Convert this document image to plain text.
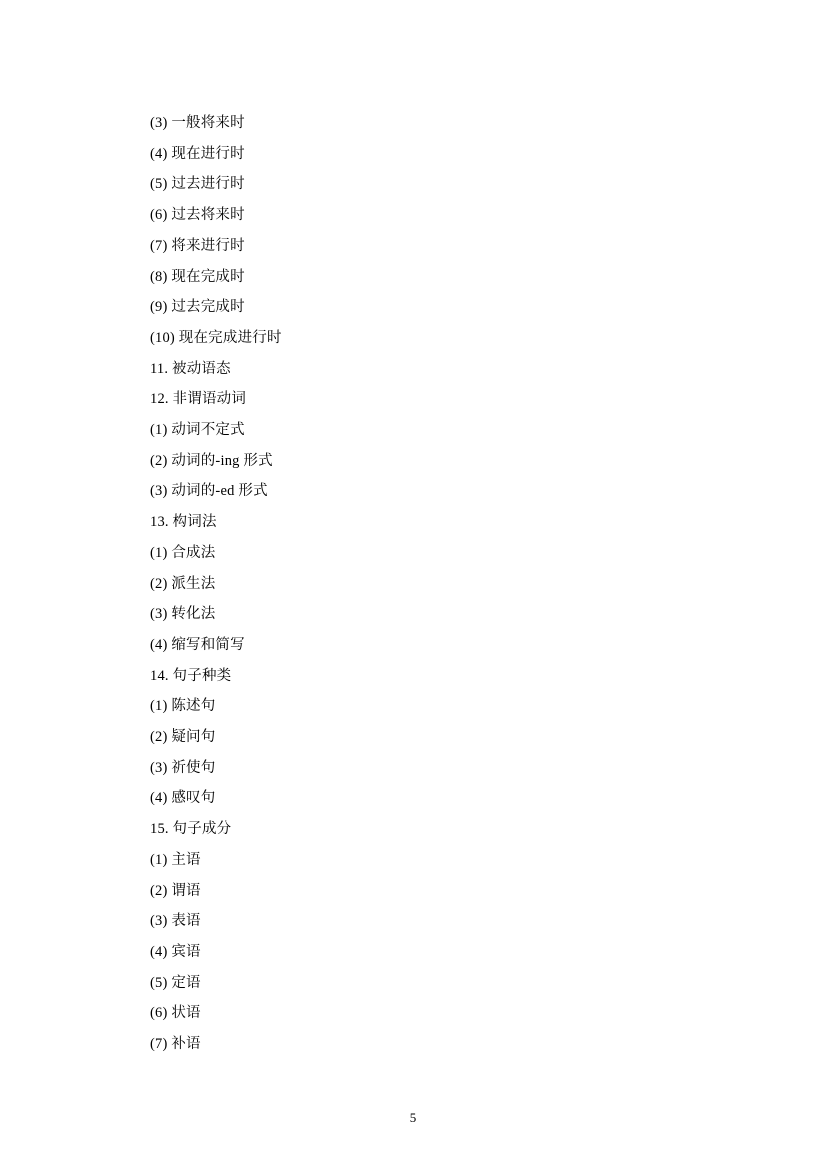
(3) 一般将来时
(4) 现在进行时
(5) 过去进行时
(6) 过去将来时
(7) 将来进行时
(8) 现在完成时
(9) 过去完成时
(10) 现在完成进行时
11. 被动语态
12. 非谓语动词
(1) 动词不定式
(2) 动词的-ing 形式
(3) 动词的-ed 形式
13. 构词法
(1) 合成法
(2) 派生法
(3) 转化法
(4) 缩写和简写
14. 句子种类
(1) 陈述句
(2) 疑问句
(3) 祈使句
(4) 感叹句
15. 句子成分
(1) 主语
(2) 谓语
(3) 表语
(4) 宾语
(5) 定语
(6) 状语
(7) 补语
5
